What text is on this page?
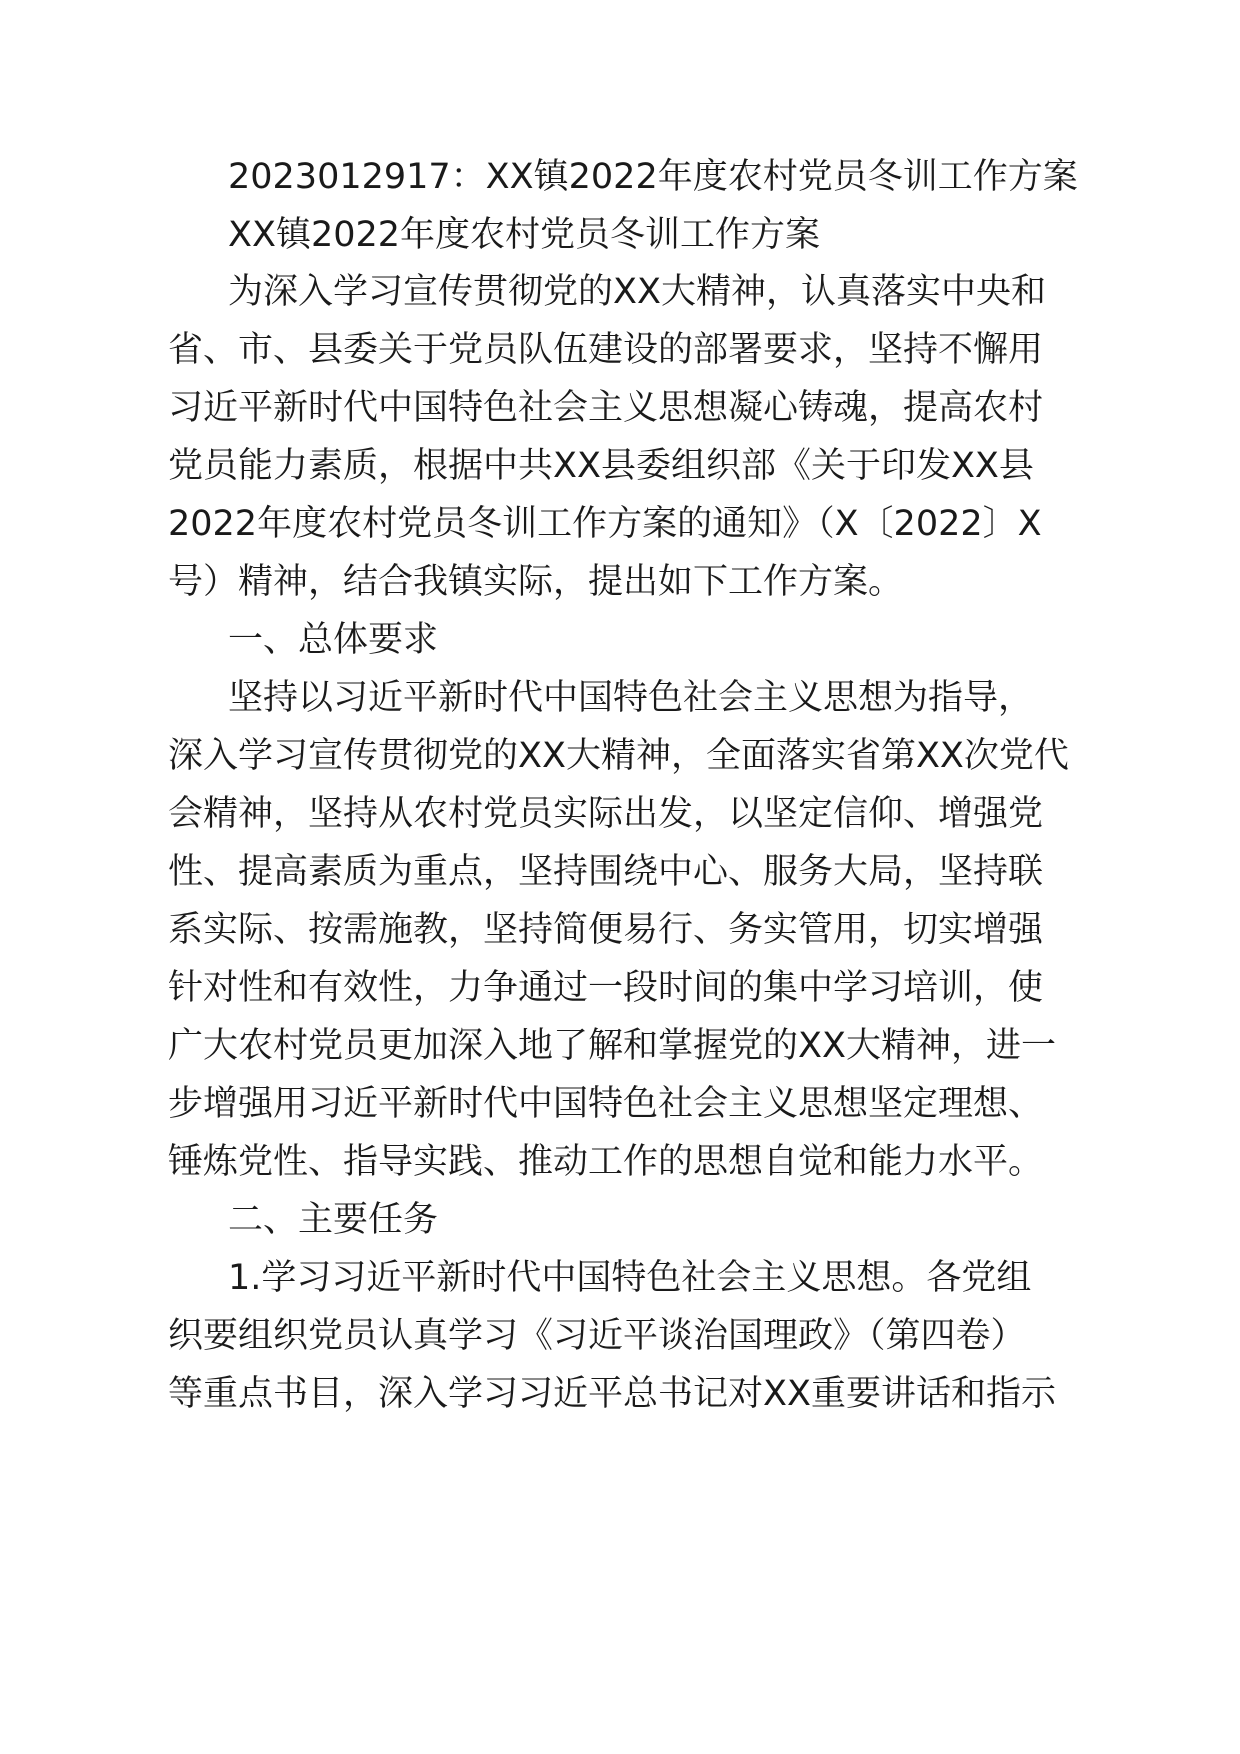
2023012917：XX镇2022年度农村党员冬训工作方案
XX镇2022年度农村党员冬训工作方案
为深入学习宣传贯彻党的XX大精神，认真落实中央和
省、市、县委关于党员队伍建设的部署要求，坚持不懈用
习近平新时代中国特色社会主义思想凝心铸魂，提高农村
党员能力素质，根据中共XX县委组织部《关于印发XX县
2022年度农村党员冬训工作方案的通知》（X〔2022〕X
号）精神，结合我镇实际，提出如下工作方案。
一、总体要求
坚持以习近平新时代中国特色社会主义思想为指导，
深入学习宣传贯彻党的XX大精神，全面落实省第XX次党代
会精神，坚持从农村党员实际出发，以坚定信仰、增强党
性、提高素质为重点，坚持围绕中心、服务大局，坚持联
系实际、按需施教，坚持简便易行、务实管用，切实增强
针对性和有效性，力争通过一段时间的集中学习培训，使
广大农村党员更加深入地了解和掌握党的XX大精神，进一
步增强用习近平新时代中国特色社会主义思想坚定理想、
锤炼党性、指导实践、推动工作的思想自觉和能力水平。
二、主要任务
1.学习习近平新时代中国特色社会主义思想。各党组
织要组织党员认真学习《习近平谈治国理政》（第四卷）
等重点书目，深入学习习近平总书记对XX重要讲话和指示
